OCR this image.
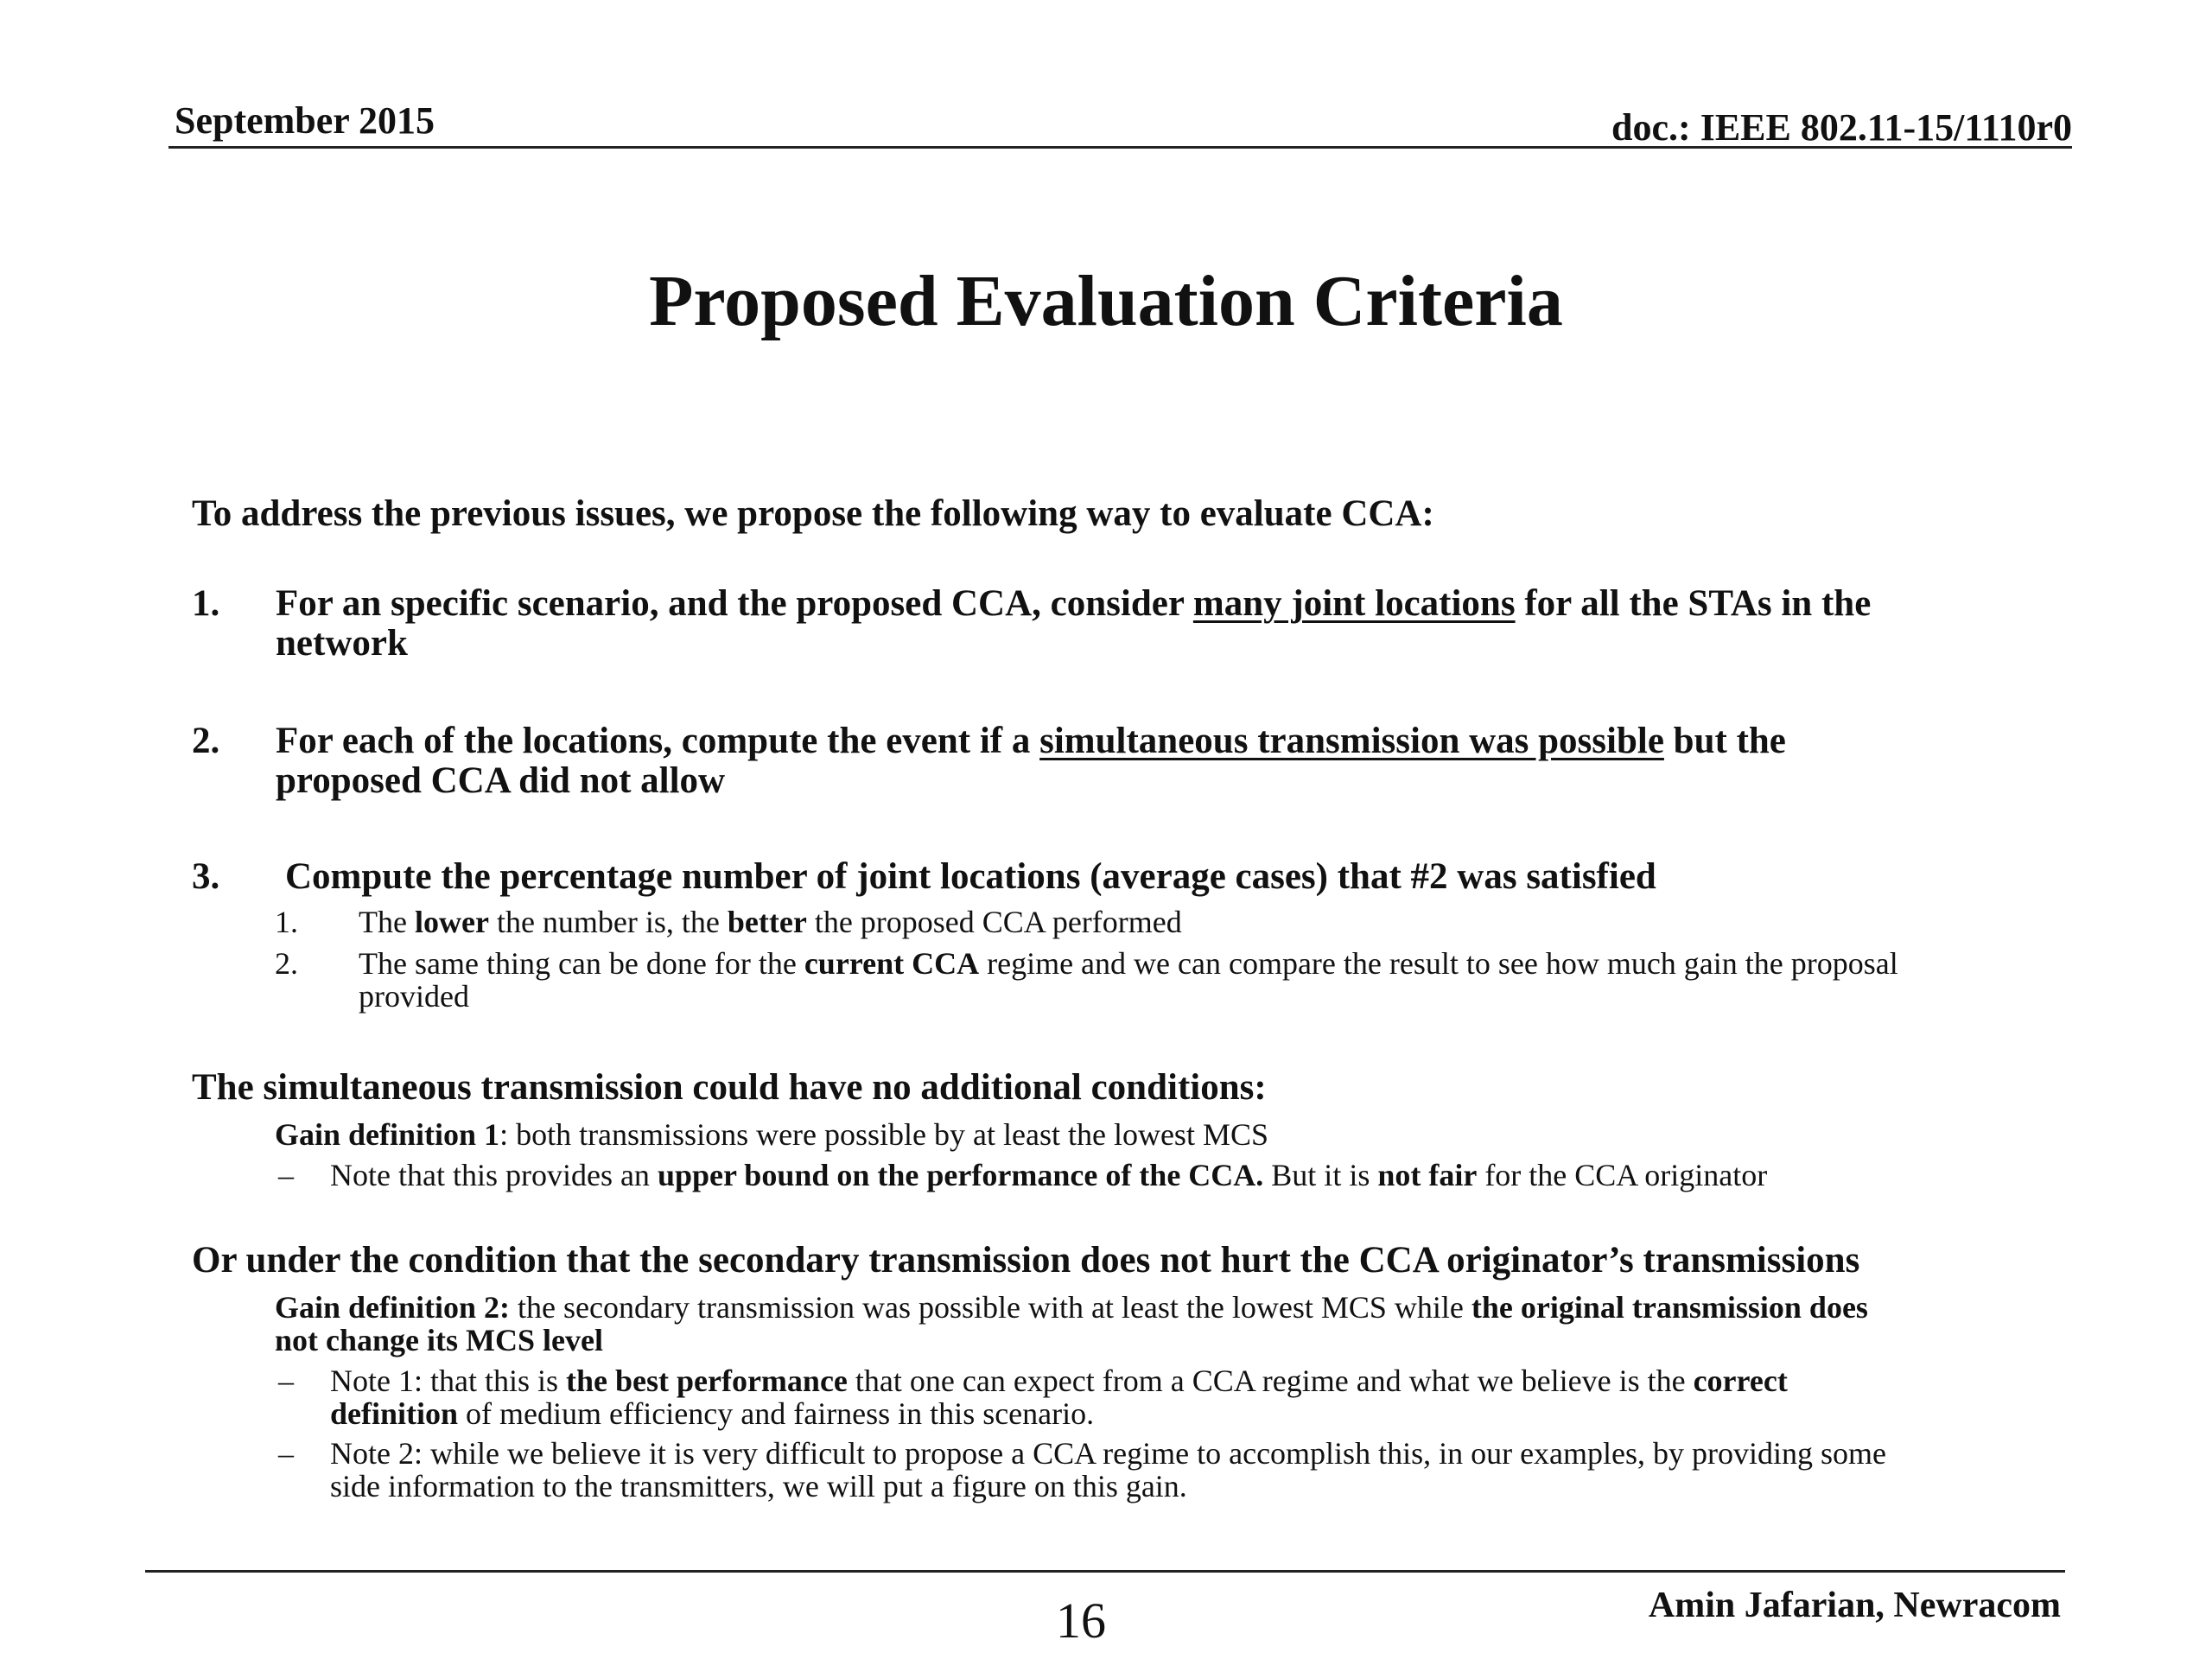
September 2015	doc.: IEEE 802.11-15/1110r0
Proposed Evaluation Criteria
To address the previous issues, we propose the following way to evaluate CCA:
1. For an specific scenario, and the proposed CCA, consider many joint locations for all the STAs in the
network
2. For each of the locations, compute the event if a simultaneous transmission was possible but the
proposed CCA did not allow
3. Compute the percentage number of joint locations (average cases) that #2 was satisfied
1. The lower the number is, the better the proposed CCA performed
2. The same thing can be done for the current CCA regime and we can compare the result to see how much gain the proposal
provided
The simultaneous transmission could have no additional conditions:
Gain definition 1: both transmissions were possible by at least the lowest MCS
– Note that this provides an upper bound on the performance of the CCA. But it is not fair for the CCA originator
Or under the condition that the secondary transmission does not hurt the CCA originator’s transmissions
Gain definition 2: the secondary transmission was possible with at least the lowest MCS while the original transmission does
not change its MCS level
– Note 1: that this is the best performance that one can expect from a CCA regime and what we believe is the correct
definition of medium efficiency and fairness in this scenario.
– Note 2: while we believe it is very difficult to propose a CCA regime to accomplish this, in our examples, by providing some
side information to the transmitters, we will put a figure on this gain.
16	Amin Jafarian, Newracom
